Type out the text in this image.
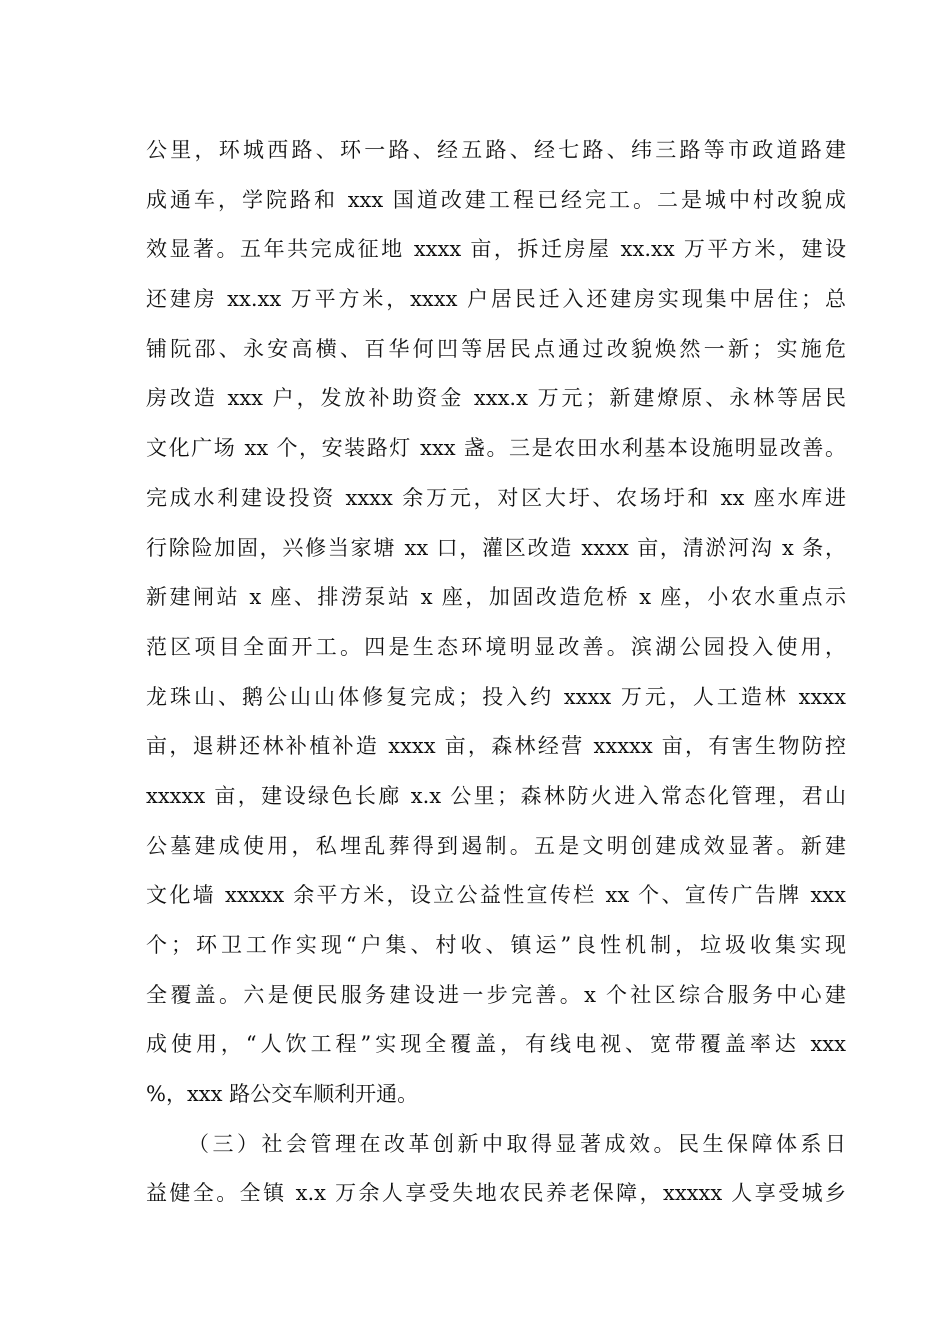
公里，环城西路、环一路、经五路、经七路、纬三路等市政道路建
成通车，学院路和 xxx 国道改建工程已经完工。二是城中村改貌成
效显著。五年共完成征地 xxxx 亩，拆迁房屋 xx.xx 万平方米，建设
还建房 xx.xx 万平方米，xxxx 户居民迁入还建房实现集中居住；总
铺阮邵、永安高横、百华何凹等居民点通过改貌焕然一新；实施危
房改造 xxx 户，发放补助资金 xxx.x 万元；新建燎原、永林等居民
文化广场 xx 个，安装路灯 xxx 盏。三是农田水利基本设施明显改善。
完成水利建设投资 xxxx 余万元，对区大圩、农场圩和 xx 座水库进
行除险加固，兴修当家塘 xx 口，灌区改造 xxxx 亩，清淤河沟 x 条，
新建闸站 x 座、排涝泵站 x 座，加固改造危桥 x 座，小农水重点示
范区项目全面开工。四是生态环境明显改善。滨湖公园投入使用，
龙珠山、鹅公山山体修复完成；投入约 xxxx 万元，人工造林 xxxx
亩，退耕还林补植补造 xxxx 亩，森林经营 xxxxx 亩，有害生物防控
xxxxx 亩，建设绿色长廊 x.x 公里；森林防火进入常态化管理，君山
公墓建成使用，私埋乱葬得到遏制。五是文明创建成效显著。新建
文化墙 xxxxx 余平方米，设立公益性宣传栏 xx 个、宣传广告牌 xxx
个；环卫工作实现“户集、村收、镇运”良性机制，垃圾收集实现
全覆盖。六是便民服务建设进一步完善。x 个社区综合服务中心建
成使用，“人饮工程”实现全覆盖，有线电视、宽带覆盖率达 xxx
%，xxx 路公交车顺利开通。
（三）社会管理在改革创新中取得显著成效。民生保障体系日
益健全。全镇 x.x 万余人享受失地农民养老保障，xxxxx 人享受城乡
